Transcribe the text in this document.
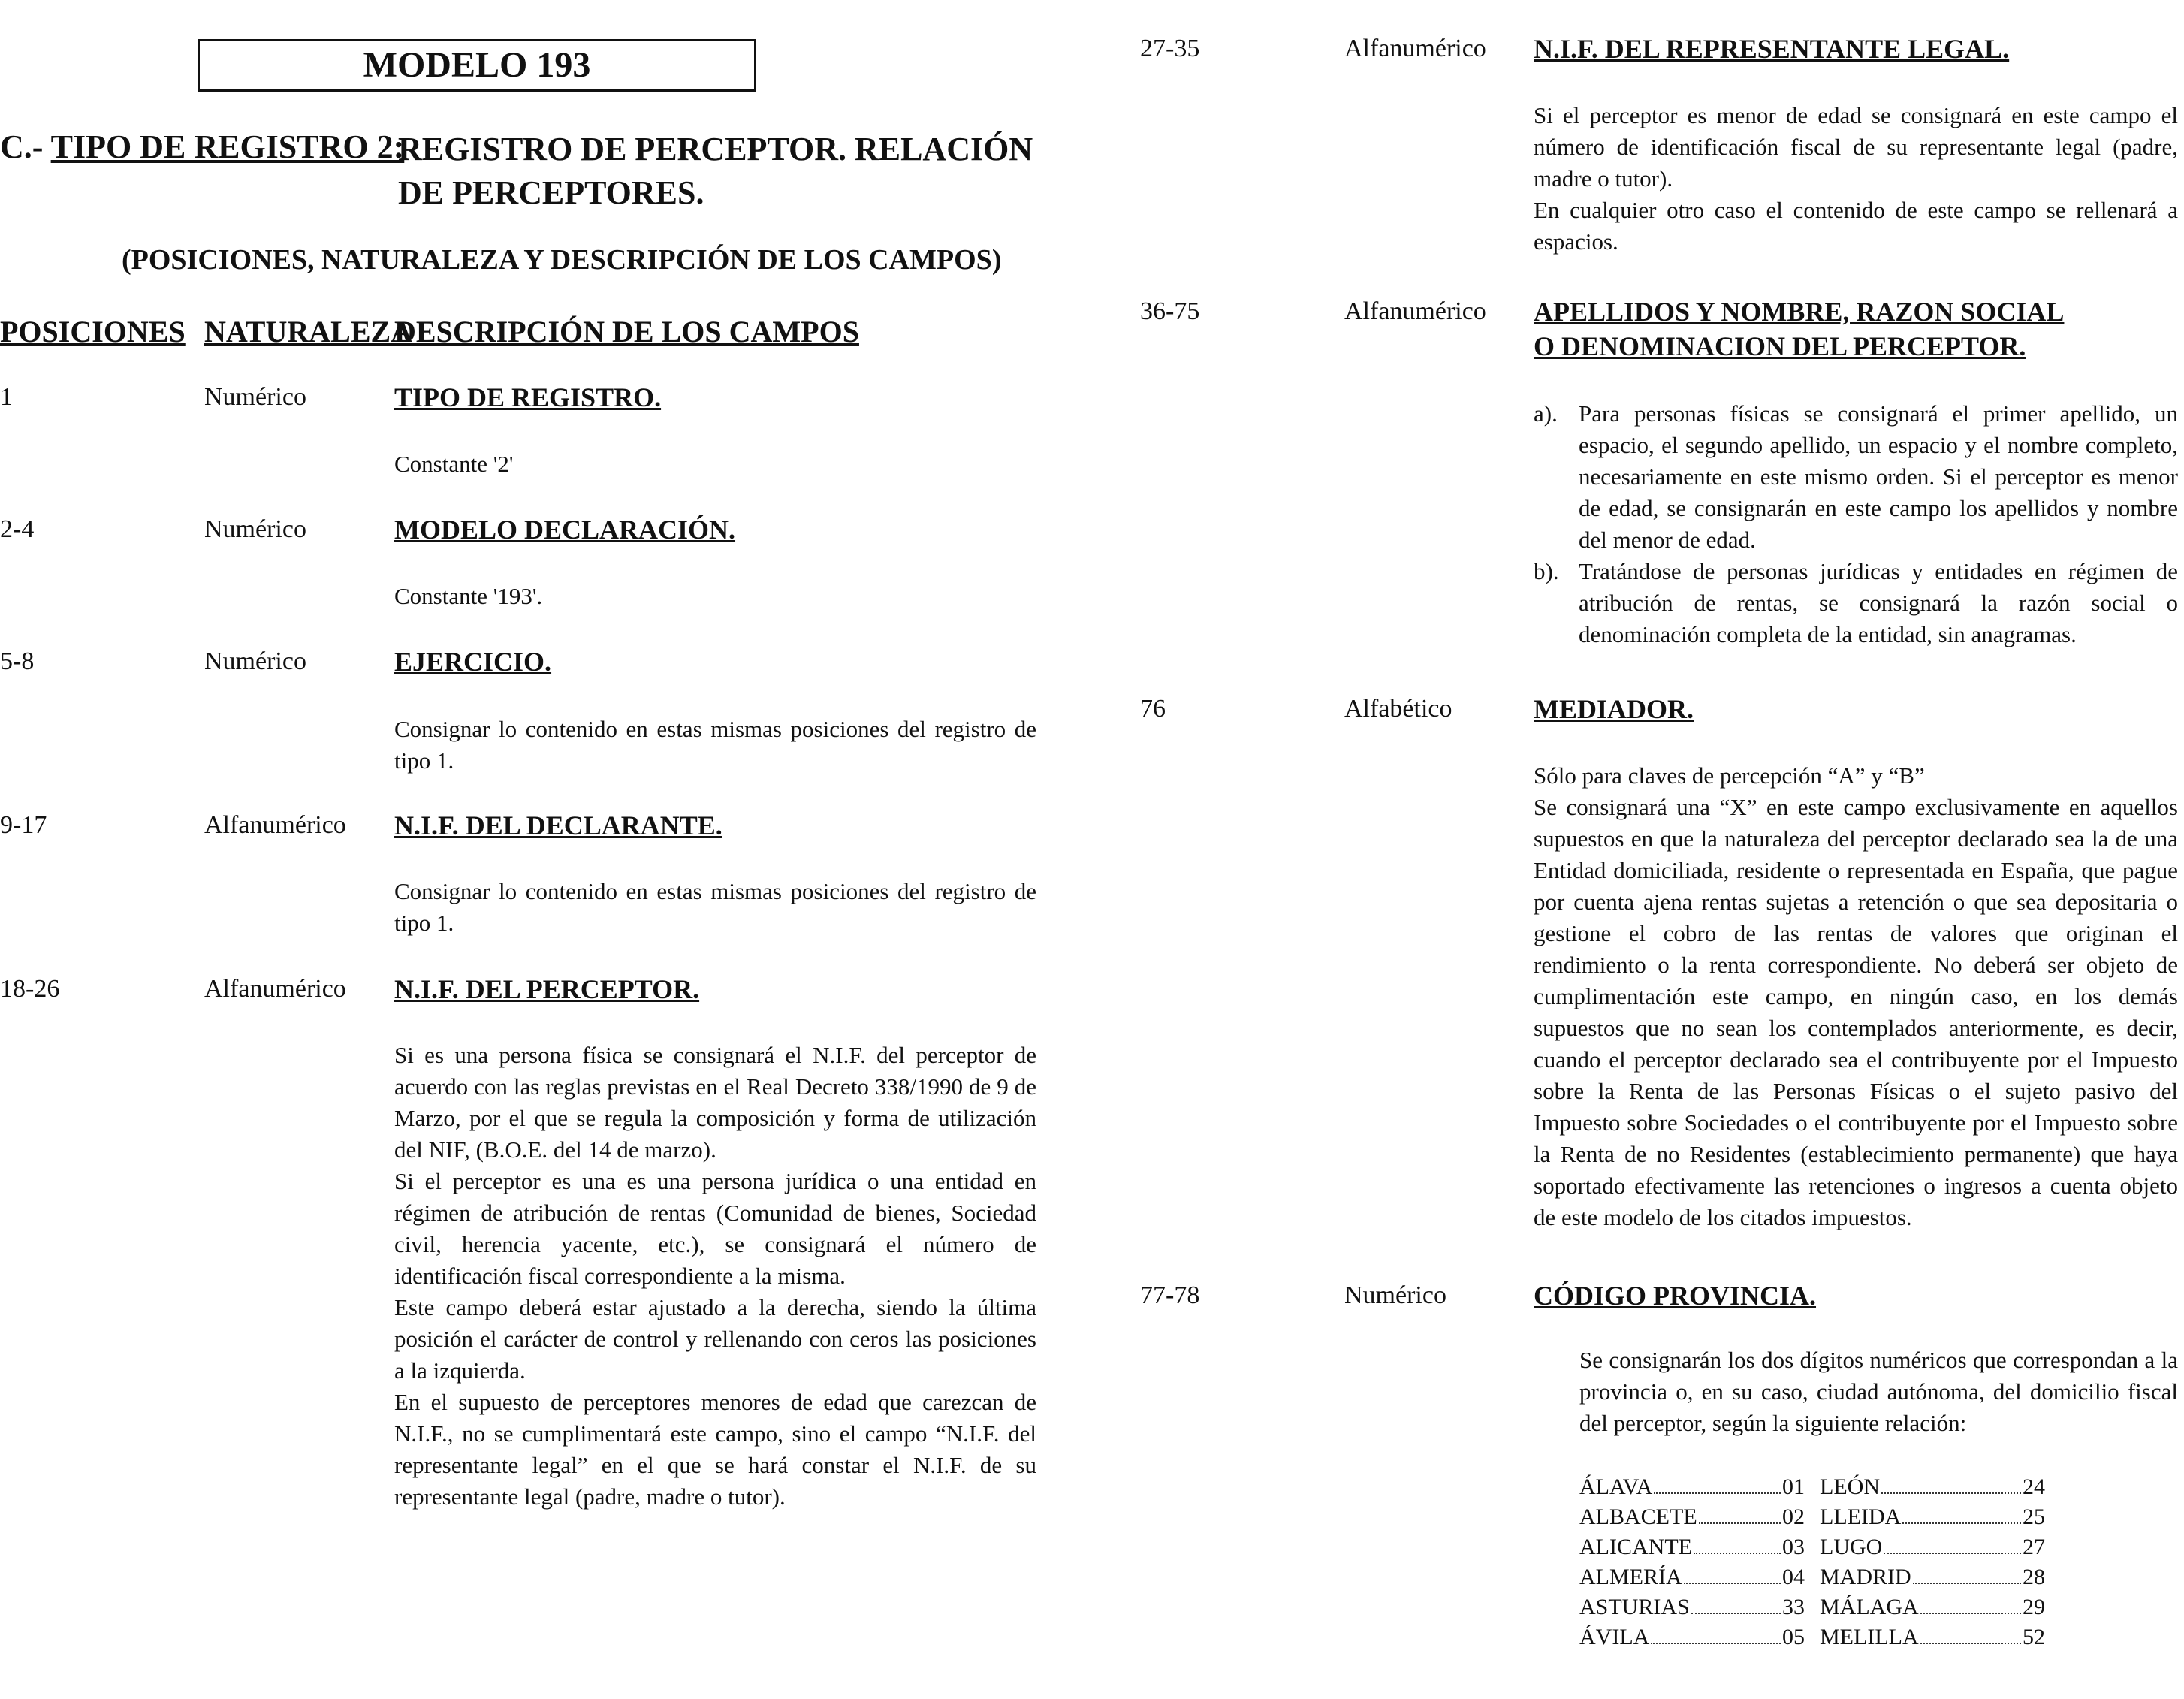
MODELO 193
C.- TIPO DE REGISTRO 2:
REGISTRO DE PERCEPTOR. RELACIÓN DE PERCEPTORES.
(POSICIONES, NATURALEZA Y DESCRIPCIÓN DE LOS CAMPOS)
POSICIONES NATURALEZA
DESCRIPCIÓN DE LOS CAMPOS
1	Numérico	TIPO DE REGISTRO.
Constante '2'
2-4	Numérico	MODELO DECLARACIÓN.
Constante '193'.
5-8	Numérico	EJERCICIO.
Consignar lo contenido en estas mismas posiciones del registro de tipo 1.
9-17	Alfanumérico N.I.F. DEL DECLARANTE.
Consignar lo contenido en estas mismas posiciones del registro de tipo 1.
18-26	Alfanumérico N.I.F. DEL PERCEPTOR.

Si es una persona física se consignará el N.I.F. del perceptor de acuerdo con las reglas previstas en el Real Decreto 338/1990 de 9 de Marzo, por el que se regula la composición y forma de utilización del NIF, (B.O.E. del 14 de marzo).

Si el perceptor es una es una persona jurídica o una entidad en régimen de atribución de rentas (Comunidad de bienes, Sociedad civil, herencia yacente, etc.), se consignará el número de identificación fiscal correspondiente a la misma.

Este campo deberá estar ajustado a la derecha, siendo la última posición el carácter de control y rellenando con ceros las posiciones a la izquierda.

En el supuesto de perceptores menores de edad que carezcan de N.I.F., no se cumplimentará este campo, sino el campo “N.I.F. del representante legal” en el que se hará constar el N.I.F. de su representante legal (padre, madre o tutor).

27-35	Alfanumérico N.I.F. DEL REPRESENTANTE LEGAL.

Si el perceptor es menor de edad se consignará en este campo el número de identificación fiscal de su representante legal (padre, madre o tutor).

En cualquier otro caso el contenido de este campo se rellenará a espacios.

36-75	Alfanumérico APELLIDOS Y NOMBRE, RAZON SOCIAL
O DENOMINACION DEL PERCEPTOR.
a). Para personas físicas se consignará el primer apellido, un espacio, el segundo apellido, un espacio y el nombre completo, necesariamente en este mismo orden. Si el perceptor es menor de edad, se consignarán en este campo los apellidos y nombre del menor de edad.
b). Tratándose de personas jurídicas y entidades en régimen de atribución de rentas, se consignará la razón social o denominación completa de la entidad, sin anagramas.
76	Alfabético	MEDIADOR.

Sólo para claves de percepción “A” y “B”

Se consignará una “X” en este campo exclusivamente en aquellos supuestos en que la naturaleza del perceptor declarado sea la de una Entidad domiciliada, residente o representada en España, que pague por cuenta ajena rentas sujetas a retención o que sea depositaria o gestione el cobro de las rentas de valores que originan el rendimiento o la renta correspondiente. No deberá ser objeto de cumplimentación este campo, en ningún caso, en los demás supuestos que no sean los contemplados anteriormente, es decir, cuando el perceptor declarado sea el contribuyente por el Impuesto sobre la Renta de las Personas Físicas o el sujeto pasivo del Impuesto sobre Sociedades o el contribuyente por el Impuesto sobre la Renta de no Residentes (establecimiento permanente) que haya soportado efectivamente las retenciones o ingresos a cuenta objeto de este modelo de los citados impuestos.

77-78	Numérico	CÓDIGO PROVINCIA.
Se consignarán los dos dígitos numéricos que correspondan a la provincia o, en su caso, ciudad autónoma, del domicilio fiscal del perceptor, según la siguiente relación:
ÁLAVA	01 LEÓN	24
ALBACETE	02 LLEIDA	25
ALICANTE	03 LUGO	27
ALMERÍA	04 MADRID	28
ASTURIAS	33 MÁLAGA	29
ÁVILA	05 MELILLA	52
